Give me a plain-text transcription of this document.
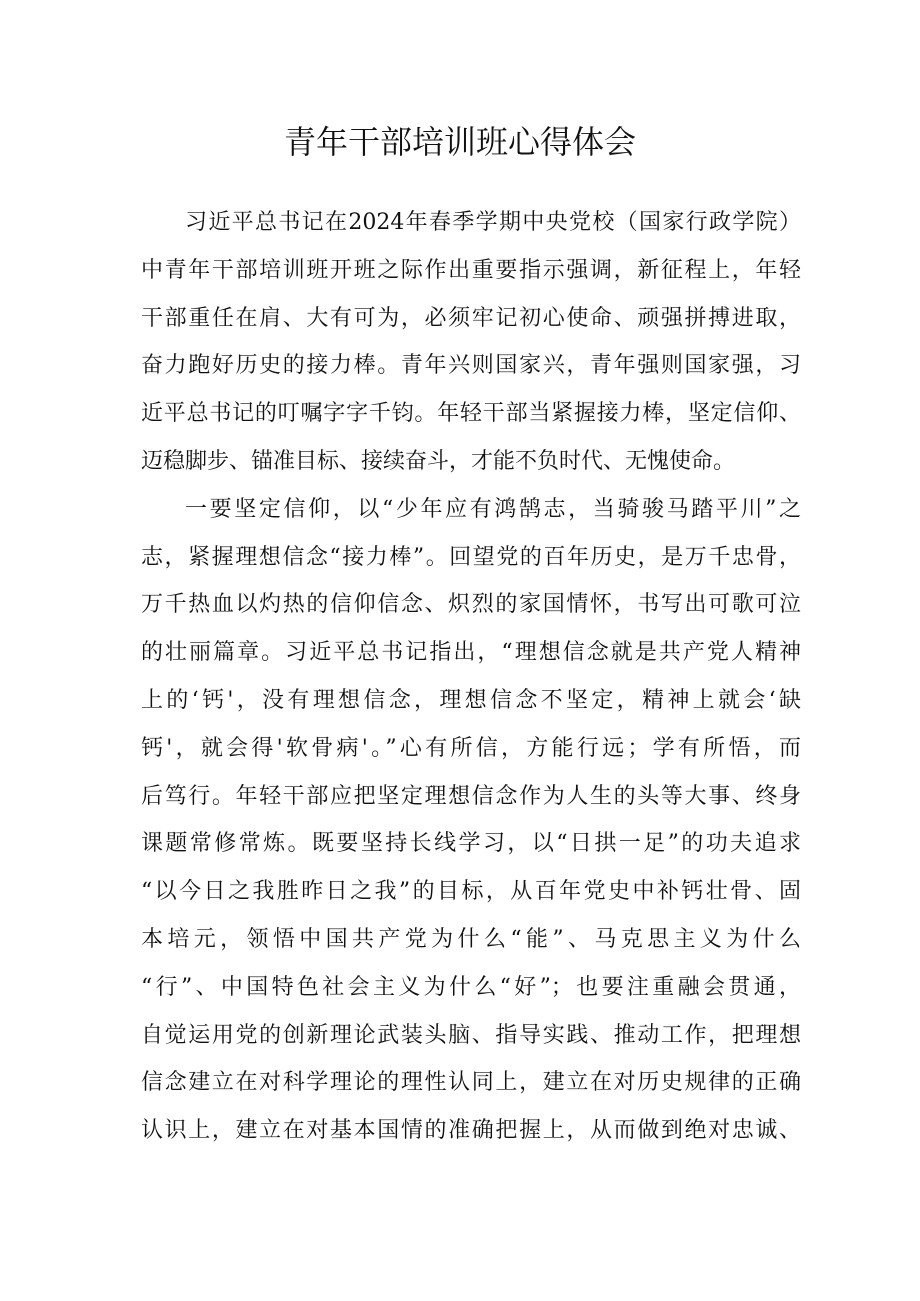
青年干部培训班心得体会
习近平总书记在2024年春季学期中央党校（国家行政学院）
中青年干部培训班开班之际作出重要指示强调，新征程上，年轻
干部重任在肩、大有可为，必须牢记初心使命、顽强拼搏进取，
奋力跑好历史的接力棒。青年兴则国家兴，青年强则国家强，习
近平总书记的叮嘱字字千钧。年轻干部当紧握接力棒，坚定信仰、
迈稳脚步、锚准目标、接续奋斗，才能不负时代、无愧使命。
一要坚定信仰，以“少年应有鸿鹄志，当骑骏马踏平川”之
志，紧握理想信念“接力棒”。回望党的百年历史，是万千忠骨，
万千热血以灼热的信仰信念、炽烈的家国情怀，书写出可歌可泣
的壮丽篇章。习近平总书记指出，“理想信念就是共产党人精神
上的‘钙'，没有理想信念，理想信念不坚定，精神上就会‘缺
钙'，就会得'软骨病'。”心有所信，方能行远；学有所悟，而
后笃行。年轻干部应把坚定理想信念作为人生的头等大事、终身
课题常修常炼。既要坚持长线学习，以“日拱一足”的功夫追求
“以今日之我胜昨日之我”的目标，从百年党史中补钙壮骨、固
本培元，领悟中国共产党为什么“能”、马克思主义为什么
“行”、中国特色社会主义为什么“好”；也要注重融会贯通，
自觉运用党的创新理论武装头脑、指导实践、推动工作，把理想
信念建立在对科学理论的理性认同上，建立在对历史规律的正确
认识上，建立在对基本国情的准确把握上，从而做到绝对忠诚、
